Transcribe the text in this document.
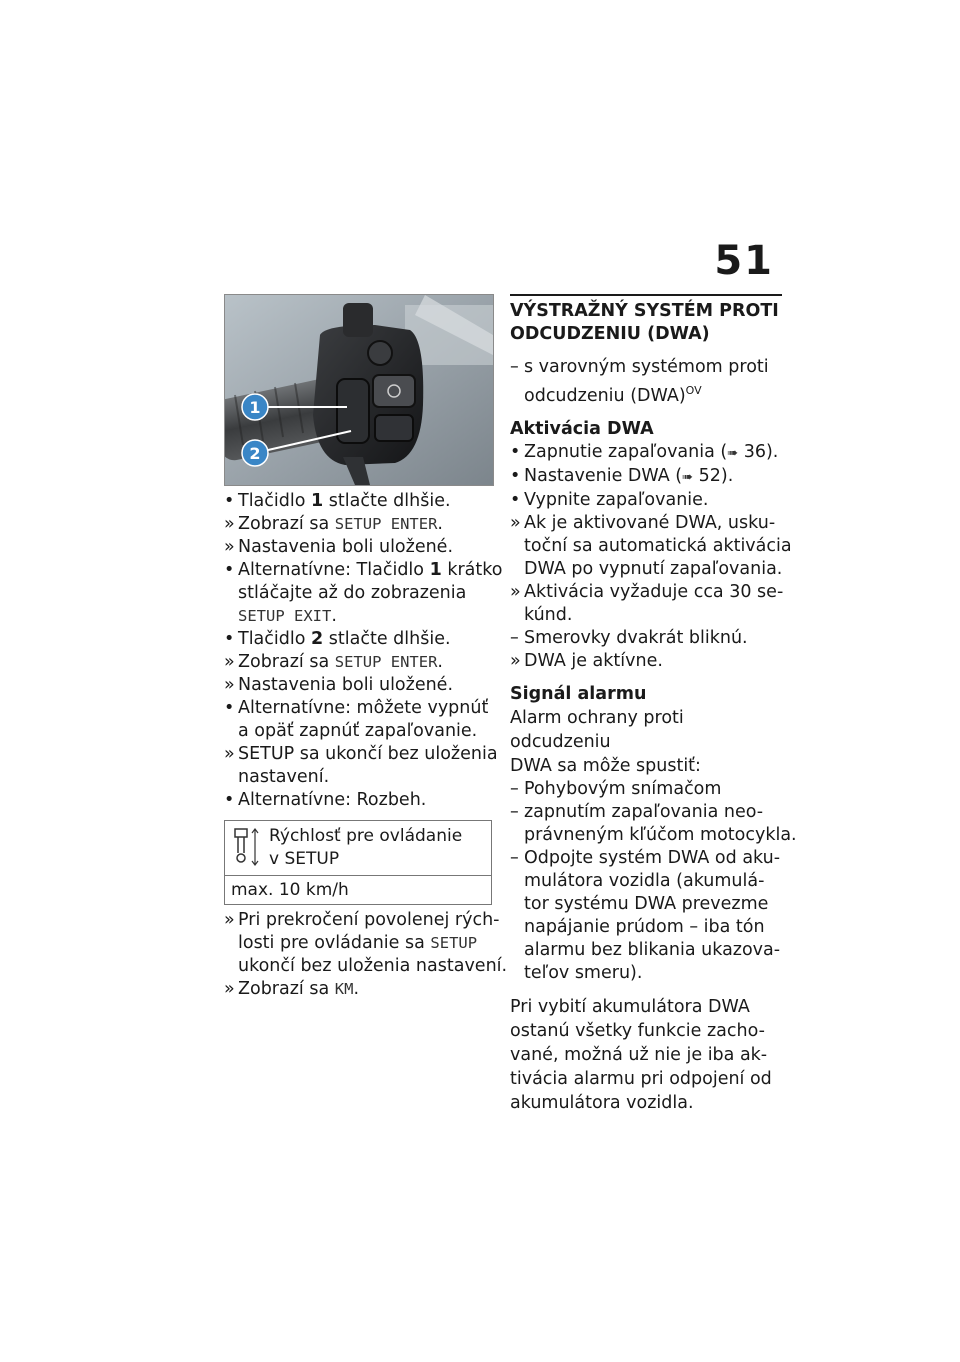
51
1
2
• Tlačidlo 1 stlačte dlhšie.
» Zobrazí sa SETUP ENTER.
» Nastavenia boli uložené.
• Alternatívne: Tlačidlo 1 krátko
stláčajte až do zobrazenia
SETUP EXIT.
• Tlačidlo 2 stlačte dlhšie.
» Zobrazí sa SETUP ENTER.
» Nastavenia boli uložené.
• Alternatívne: môžete vypnúť
a opäť zapnúť zapaľovanie.
» SETUP sa ukončí bez uloženia
nastavení.
• Alternatívne: Rozbeh.
Rýchlosť pre ovládanie
v SETUP
max. 10 km/h
» Pri prekročení povolenej rých-
losti pre ovládanie sa SETUP
ukončí bez uloženia nastavení.
» Zobrazí sa KM.
VÝSTRAŽNÝ SYSTÉM PROTI
ODCUDZENIU (DWA)
– s varovným systémom proti
odcudzeniu (DWA)$^{OV}$
Aktivácia DWA
• Zapnutie zapaľovania (➠ 36).
• Nastavenie DWA (➠ 52).
• Vypnite zapaľovanie.
» Ak je aktivované DWA, usku-
toční sa automatická aktivácia
DWA po vypnutí zapaľovania.
» Aktivácia vyžaduje cca 30 se-
kúnd.
– Smerovky dvakrát bliknú.
» DWA je aktívne.
Signál alarmu
Alarm ochrany proti odcudzeniu
DWA sa môže spustiť:
– Pohybovým snímačom
– zapnutím zapaľovania neo-
právneným kľúčom motocykla.
– Odpojte systém DWA od aku-
mulátora vozidla (akumulá-
tor systému DWA prevezme
napájanie prúdom – iba tón
alarmu bez blikania ukazova-
teľov smeru).
Pri vybití akumulátora DWA
ostanú všetky funkcie zacho-
vané, možná už nie je iba ak-
tivácia alarmu pri odpojení od
akumulátora vozidla.
